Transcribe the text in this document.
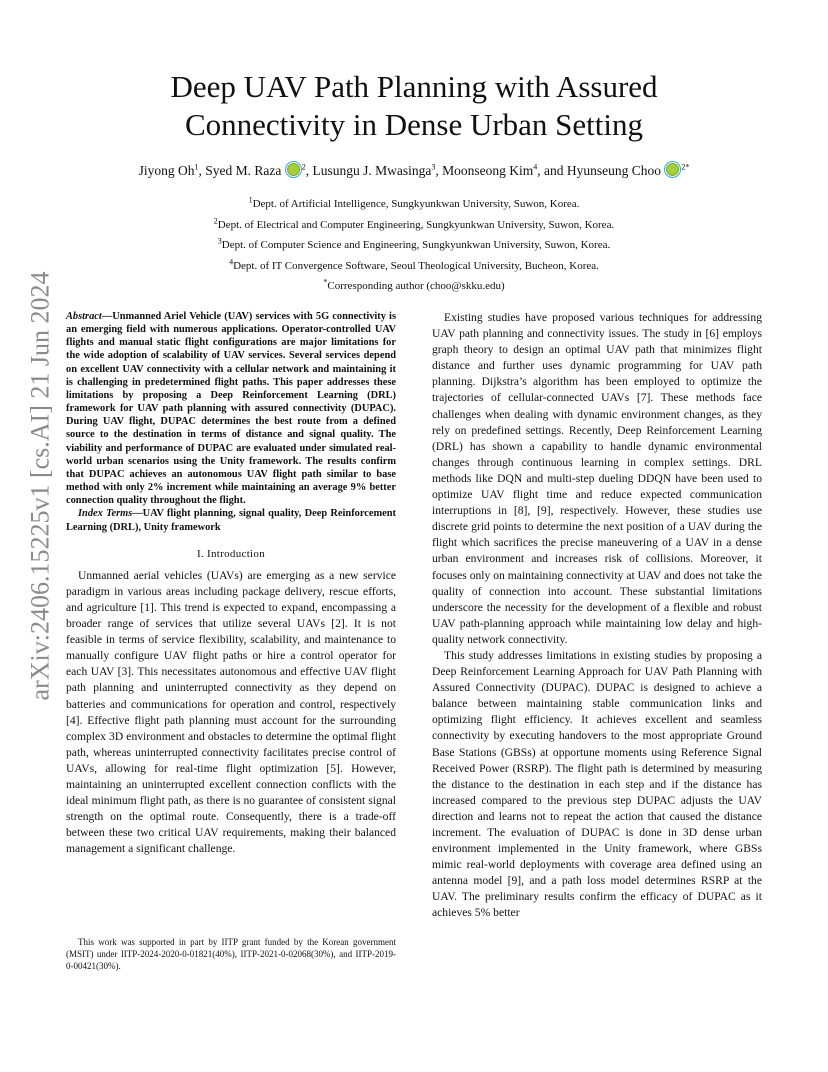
arXiv:2406.15225v1 [cs.AI] 21 Jun 2024
Deep UAV Path Planning with Assured Connectivity in Dense Urban Setting
Jiyong Oh$^1$, Syed M. Raza	$^2$, Lusungu J. Mwasinga$^3$, Moonseong Kim$^4$, and Hyunseung Choo	$^{2*}$
$^1$Dept. of Artificial Intelligence, Sungkyunkwan University, Suwon, Korea.
$^2$Dept. of Electrical and Computer Engineering, Sungkyunkwan University, Suwon, Korea.
$^3$Dept. of Computer Science and Engineering, Sungkyunkwan University, Suwon, Korea.
$^4$Dept. of IT Convergence Software, Seoul Theological University, Bucheon, Korea.
*Corresponding author (choo@skku.edu)

Abstract—Unmanned Ariel Vehicle (UAV) services with 5G connectivity is an emerging field with numerous applications. Operator-controlled UAV flights and manual static flight configurations are major limitations for the wide adoption of scalability of UAV services. Several services depend on excellent UAV connectivity with a cellular network and maintaining it is challenging in predetermined flight paths. This paper addresses these limitations by proposing a Deep Reinforcement Learning (DRL) framework for UAV path planning with assured connectivity (DUPAC). During UAV flight, DUPAC determines the best route from a defined source to the destination in terms of distance and signal quality. The viability and performance of DUPAC are evaluated under simulated real-world urban scenarios using the Unity framework. The results confirm that DUPAC achieves an autonomous UAV flight path similar to base method with only 2% increment while maintaining an average 9% better connection quality throughout the flight.

Index Terms—UAV flight planning, signal quality, Deep Reinforcement Learning (DRL), Unity framework

I. Introduction

Unmanned aerial vehicles (UAVs) are emerging as a new service paradigm in various areas including package delivery, rescue efforts, and agriculture [1]. This trend is expected to expand, encompassing a broader range of services that utilize several UAVs [2]. It is not feasible in terms of service flexibility, scalability, and maintenance to manually configure UAV flight paths or hire a control operator for each UAV [3]. This necessitates autonomous and effective UAV flight path planning and uninterrupted connectivity as they depend on batteries and communications for operation and control, respectively [4]. Effective flight path planning must account for the surrounding complex 3D environment and obstacles to determine the optimal flight path, whereas uninterrupted connectivity facilitates precise control of UAVs, allowing for real-time flight optimization [5]. However, maintaining an uninterrupted excellent connection conflicts with the ideal minimum flight path, as there is no guarantee of consistent signal strength on the optimal route. Consequently, there is a trade-off between these two critical UAV requirements, making their balanced management a significant challenge.

This work was supported in part by IITP grant funded by the Korean government (MSIT) under IITP-2024-2020-0-01821(40%), IITP-2021-0-02068(30%), and IITP-2019-0-00421(30%).

Existing studies have proposed various techniques for addressing UAV path planning and connectivity issues. The study in [6] employs graph theory to design an optimal UAV path that minimizes flight distance and further uses dynamic programming for UAV path planning. Dijkstra’s algorithm has been employed to optimize the trajectories of cellular-connected UAVs [7]. These methods face challenges when dealing with dynamic environment changes, as they rely on predefined settings. Recently, Deep Reinforcement Learning (DRL) has shown a capability to handle dynamic environmental changes through continuous learning in complex settings. DRL methods like DQN and multi-step dueling DDQN have been used to optimize UAV flight time and reduce expected communication interruptions in [8], [9], respectively. However, these studies use discrete grid points to determine the next position of a UAV during the flight which sacrifices the precise maneuvering of a UAV in a dense urban environment and increases risk of collisions. Moreover, it focuses only on maintaining connectivity at UAV and does not take the quality of connection into account. These substantial limitations underscore the necessity for the development of a flexible and robust UAV path-planning approach while maintaining low delay and high-quality network connectivity.

This study addresses limitations in existing studies by proposing a Deep Reinforcement Learning Approach for UAV Path Planning with Assured Connectivity (DUPAC). DUPAC is designed to achieve a balance between maintaining stable communication links and optimizing flight efficiency. It achieves excellent and seamless connectivity by executing handovers to the most appropriate Ground Base Stations (GBSs) at opportune moments using Reference Signal Received Power (RSRP). The flight path is determined by measuring the distance to the destination in each step and if the distance has increased compared to the previous step DUPAC adjusts the UAV direction and learns not to repeat the action that caused the distance increment. The evaluation of DUPAC is done in 3D dense urban environment implemented in the Unity framework, where GBSs mimic real-world deployments with coverage area defined using an antenna model [9], and a path loss model determines RSRP at the UAV. The preliminary results confirm the efficacy of DUPAC as it achieves 5% better
